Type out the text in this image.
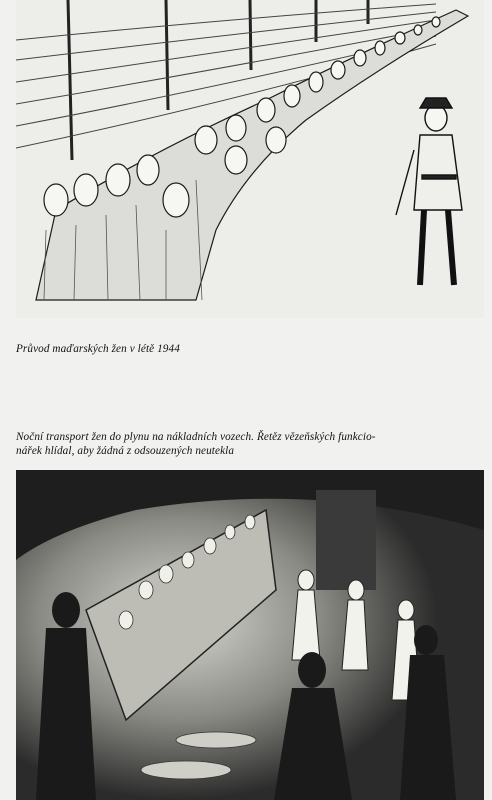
Průvod maďarských žen v létě 1944
Noční transport žen do plynu na nákladních vozech. Řetěz vězeňských funkcio-
nářek hlídal, aby žádná z odsouzených neutekla
